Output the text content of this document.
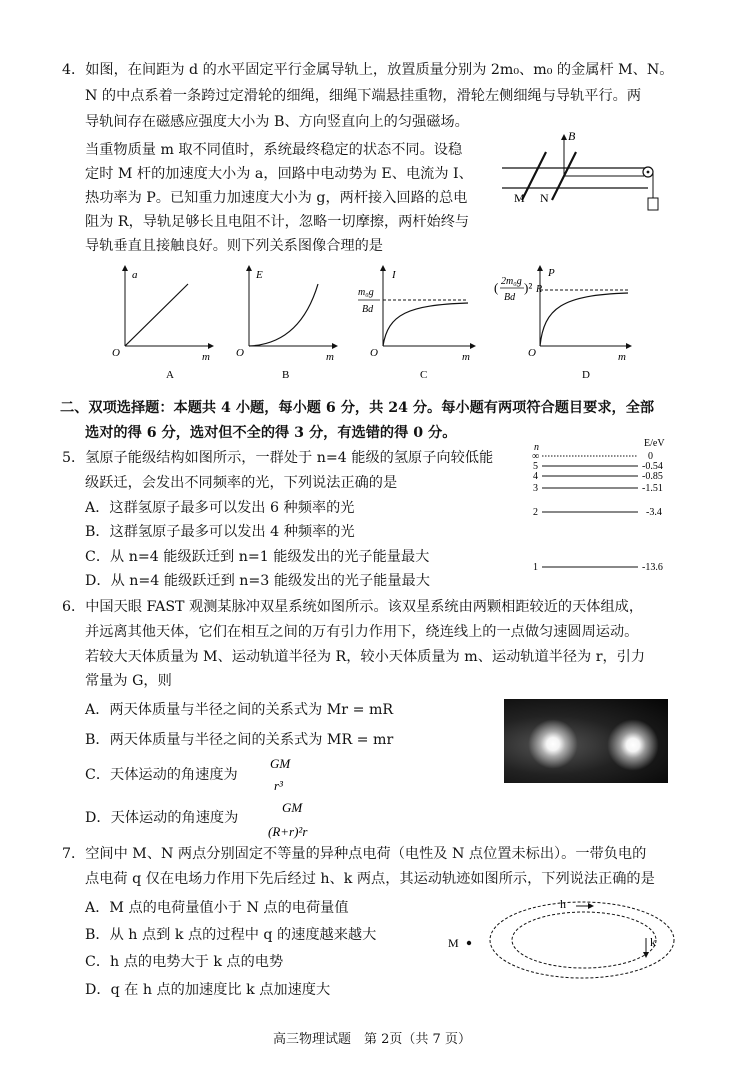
4．如图，在间距为 d 的水平固定平行金属导轨上，放置质量分别为 2m₀、m₀ 的金属杆 M、N。
N 的中点系着一条跨过定滑轮的细绳，细绳下端悬挂重物，滑轮左侧细绳与导轨平行。两
导轨间存在磁感应强度大小为 B、方向竖直向上的匀强磁场。
当重物质量 m 取不同值时，系统最终稳定的状态不同。设稳
定时 M 杆的加速度大小为 a，回路中电动势为 E、电流为 I、
热功率为 P。已知重力加速度大小为 g，两杆接入回路的总电
阻为 R，导轨足够长且电阻不计，忽略一切摩擦，两杆始终与
导轨垂直且接触良好。则下列关系图像合理的是
B
M N
a
m
O
A
E
m
O
B
I
m₀g
Bd
m
O
C
P
( 2m₀g
Bd
)² R
m
O
D
二、双项选择题：本题共 4 小题，每小题 6 分，共 24 分。每小题有两项符合题目要求，全部
选对的得 6 分，选对但不全的得 3 分，有选错的得 0 分。
5．氢原子能级结构如图所示，一群处于 n=4 能级的氢原子向较低能
级跃迁，会发出不同频率的光，下列说法正确的是
A．这群氢原子最多可以发出 6 种频率的光
B．这群氢原子最多可以发出 4 种频率的光
C．从 n=4 能级跃迁到 n=1 能级发出的光子能量最大
D．从 n=4 能级跃迁到 n=3 能级发出的光子能量最大
n	E/eV
∞	0
5	-0.54
4	-0.85
3	-1.51
2	-3.4
1	-13.6
6．中国天眼 FAST 观测某脉冲双星系统如图所示。该双星系统由两颗相距较近的天体组成，
并远离其他天体，它们在相互之间的万有引力作用下，绕连线上的一点做匀速圆周运动。
若较大天体质量为 M、运动轨道半径为 R，较小天体质量为 m、运动轨道半径为 r，引力
常量为 G，则
A．两天体质量与半径之间的关系式为 Mr = mR
B．两天体质量与半径之间的关系式为 MR = mr
C．天体运动的角速度为
GM
r³
D．天体运动的角速度为
GM
(R+r)²r
7．空间中 M、N 两点分别固定不等量的异种点电荷（电性及 N 点位置未标出）。一带负电的
点电荷 q 仅在电场力作用下先后经过 h、k 两点，其运动轨迹如图所示，下列说法正确的是
A．M 点的电荷量值小于 N 点的电荷量值
B．从 h 点到 k 点的过程中 q 的速度越来越大
C．h 点的电势大于 k 点的电势
D．q 在 h 点的加速度比 k 点加速度大
M
h
k
高三物理试题　第 2页（共 7 页）
